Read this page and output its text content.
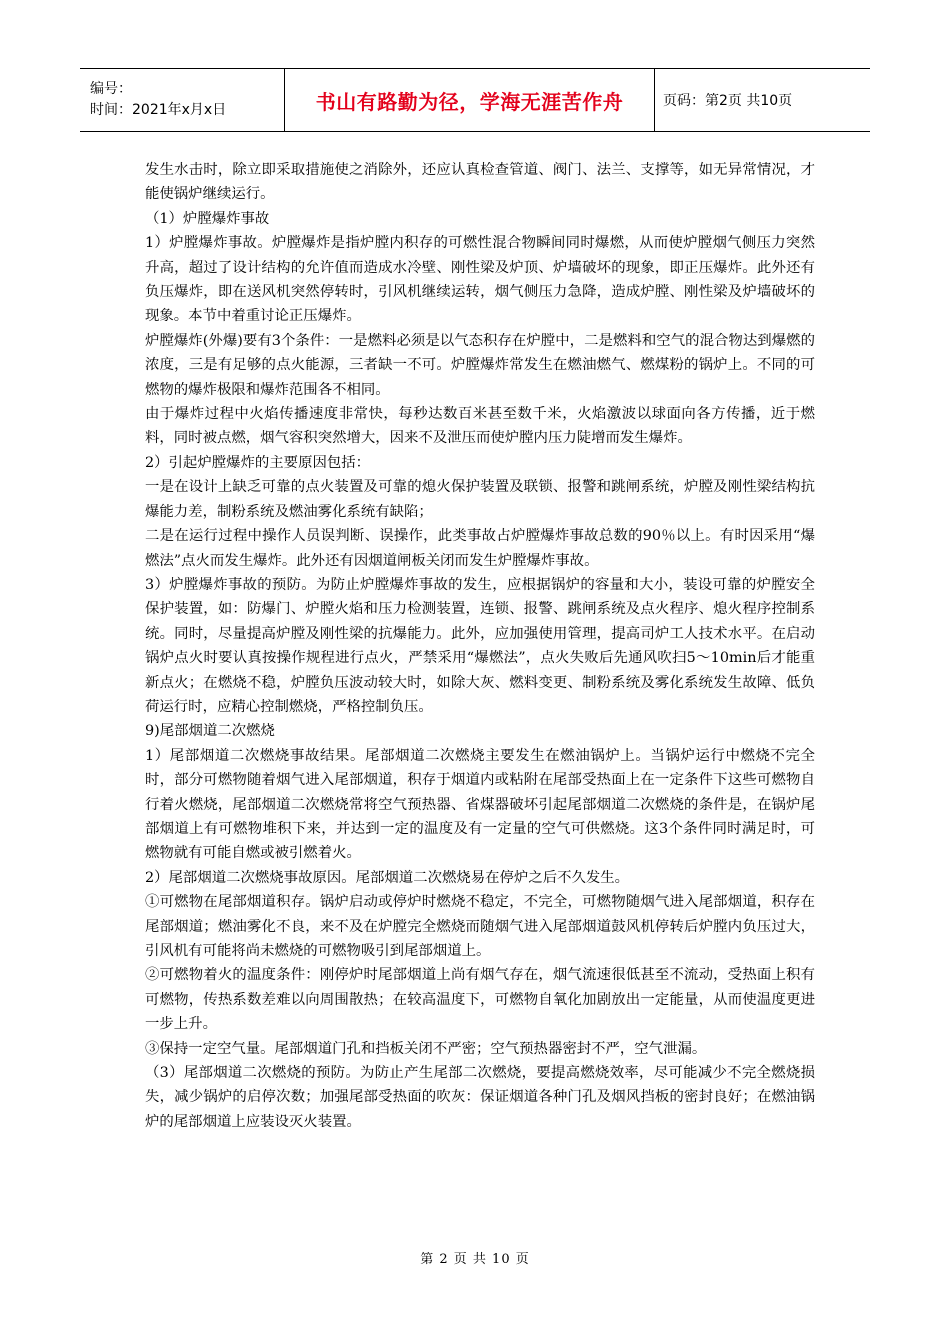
编号：
时间：2021年x月x日	书山有路勤为径，学海无涯苦作舟	页码：第2页 共10页

发生水击时，除立即采取措施使之消除外，还应认真检查管道、阀门、法兰、支撑等，如无异常情况，才能使锅炉继续运行。

（1）炉膛爆炸事故

1）炉膛爆炸事故。炉膛爆炸是指炉膛内积存的可燃性混合物瞬间同时爆燃，从而使炉膛烟气侧压力突然升高，超过了设计结构的允许值而造成水冷壁、刚性梁及炉顶、炉墙破坏的现象，即正压爆炸。此外还有负压爆炸，即在送风机突然停转时，引风机继续运转，烟气侧压力急降，造成炉膛、刚性梁及炉墙破坏的现象。本节中着重讨论正压爆炸。

炉膛爆炸(外爆)要有3个条件：一是燃料必须是以气态积存在炉膛中，二是燃料和空气的混合物达到爆燃的浓度，三是有足够的点火能源，三者缺一不可。炉膛爆炸常发生在燃油燃气、燃煤粉的锅炉上。不同的可燃物的爆炸极限和爆炸范围各不相同。

由于爆炸过程中火焰传播速度非常快，每秒达数百米甚至数千米，火焰激波以球面向各方传播，近于燃料，同时被点燃，烟气容积突然增大，因来不及泄压而使炉膛内压力陡增而发生爆炸。

2）引起炉膛爆炸的主要原因包括：

一是在设计上缺乏可靠的点火装置及可靠的熄火保护装置及联锁、报警和跳闸系统，炉膛及刚性梁结构抗爆能力差，制粉系统及燃油雾化系统有缺陷；

二是在运行过程中操作人员误判断、误操作，此类事故占炉膛爆炸事故总数的90％以上。有时因采用“爆燃法”点火而发生爆炸。此外还有因烟道闸板关闭而发生炉膛爆炸事故。

3）炉膛爆炸事故的预防。为防止炉膛爆炸事故的发生，应根据锅炉的容量和大小，装设可靠的炉膛安全保护装置，如：防爆门、炉膛火焰和压力检测装置，连锁、报警、跳闸系统及点火程序、熄火程序控制系统。同时，尽量提高炉膛及刚性梁的抗爆能力。此外，应加强使用管理，提高司炉工人技术水平。在启动锅炉点火时要认真按操作规程进行点火，严禁采用“爆燃法”，点火失败后先通风吹扫5～10min后才能重新点火；在燃烧不稳，炉膛负压波动较大时，如除大灰、燃料变更、制粉系统及雾化系统发生故障、低负荷运行时，应精心控制燃烧，严格控制负压。

9)尾部烟道二次燃烧

1）尾部烟道二次燃烧事故结果。尾部烟道二次燃烧主要发生在燃油锅炉上。当锅炉运行中燃烧不完全时，部分可燃物随着烟气进入尾部烟道，积存于烟道内或粘附在尾部受热面上在一定条件下这些可燃物自行着火燃烧，尾部烟道二次燃烧常将空气预热器、省煤器破坏引起尾部烟道二次燃烧的条件是，在锅炉尾部烟道上有可燃物堆积下来，并达到一定的温度及有一定量的空气可供燃烧。这3个条件同时满足时，可燃物就有可能自燃或被引燃着火。

2）尾部烟道二次燃烧事故原因。尾部烟道二次燃烧易在停炉之后不久发生。

①可燃物在尾部烟道积存。锅炉启动或停炉时燃烧不稳定，不完全，可燃物随烟气进入尾部烟道，积存在尾部烟道；燃油雾化不良，来不及在炉膛完全燃烧而随烟气进入尾部烟道鼓风机停转后炉膛内负压过大，引风机有可能将尚未燃烧的可燃物吸引到尾部烟道上。

②可燃物着火的温度条件：刚停炉时尾部烟道上尚有烟气存在，烟气流速很低甚至不流动，受热面上积有可燃物，传热系数差难以向周围散热；在较高温度下，可燃物自氧化加剧放出一定能量，从而使温度更进一步上升。

③保持一定空气量。尾部烟道门孔和挡板关闭不严密；空气预热器密封不严，空气泄漏。

（3）尾部烟道二次燃烧的预防。为防止产生尾部二次燃烧，要提高燃烧效率，尽可能减少不完全燃烧损失，减少锅炉的启停次数；加强尾部受热面的吹灰：保证烟道各种门孔及烟风挡板的密封良好；在燃油锅炉的尾部烟道上应装设灭火装置。

第 2 页 共 10 页
